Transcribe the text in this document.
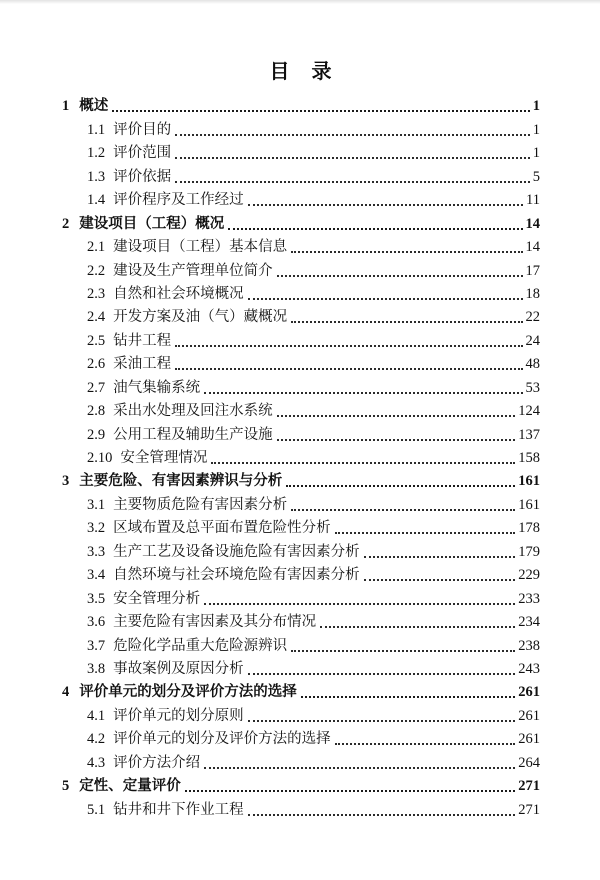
目　录
1 概述	1
1.1 评价目的	1
1.2 评价范围	1
1.3 评价依据	5
1.4 评价程序及工作经过	11
2 建设项目（工程）概况	14
2.1 建设项目（工程）基本信息	14
2.2 建设及生产管理单位简介	17
2.3 自然和社会环境概况	18
2.4 开发方案及油（气）藏概况	22
2.5 钻井工程	24
2.6 采油工程	48
2.7 油气集输系统	53
2.8 采出水处理及回注水系统	124
2.9 公用工程及辅助生产设施	137
2.10 安全管理情况	158
3 主要危险、有害因素辨识与分析	161
3.1 主要物质危险有害因素分析	161
3.2 区域布置及总平面布置危险性分析	178
3.3 生产工艺及设备设施危险有害因素分析	179
3.4 自然环境与社会环境危险有害因素分析	229
3.5 安全管理分析	233
3.6 主要危险有害因素及其分布情况	234
3.7 危险化学品重大危险源辨识	238
3.8 事故案例及原因分析	243
4 评价单元的划分及评价方法的选择	261
4.1 评价单元的划分原则	261
4.2 评价单元的划分及评价方法的选择	261
4.3 评价方法介绍	264
5 定性、定量评价	271
5.1 钻井和井下作业工程	271
